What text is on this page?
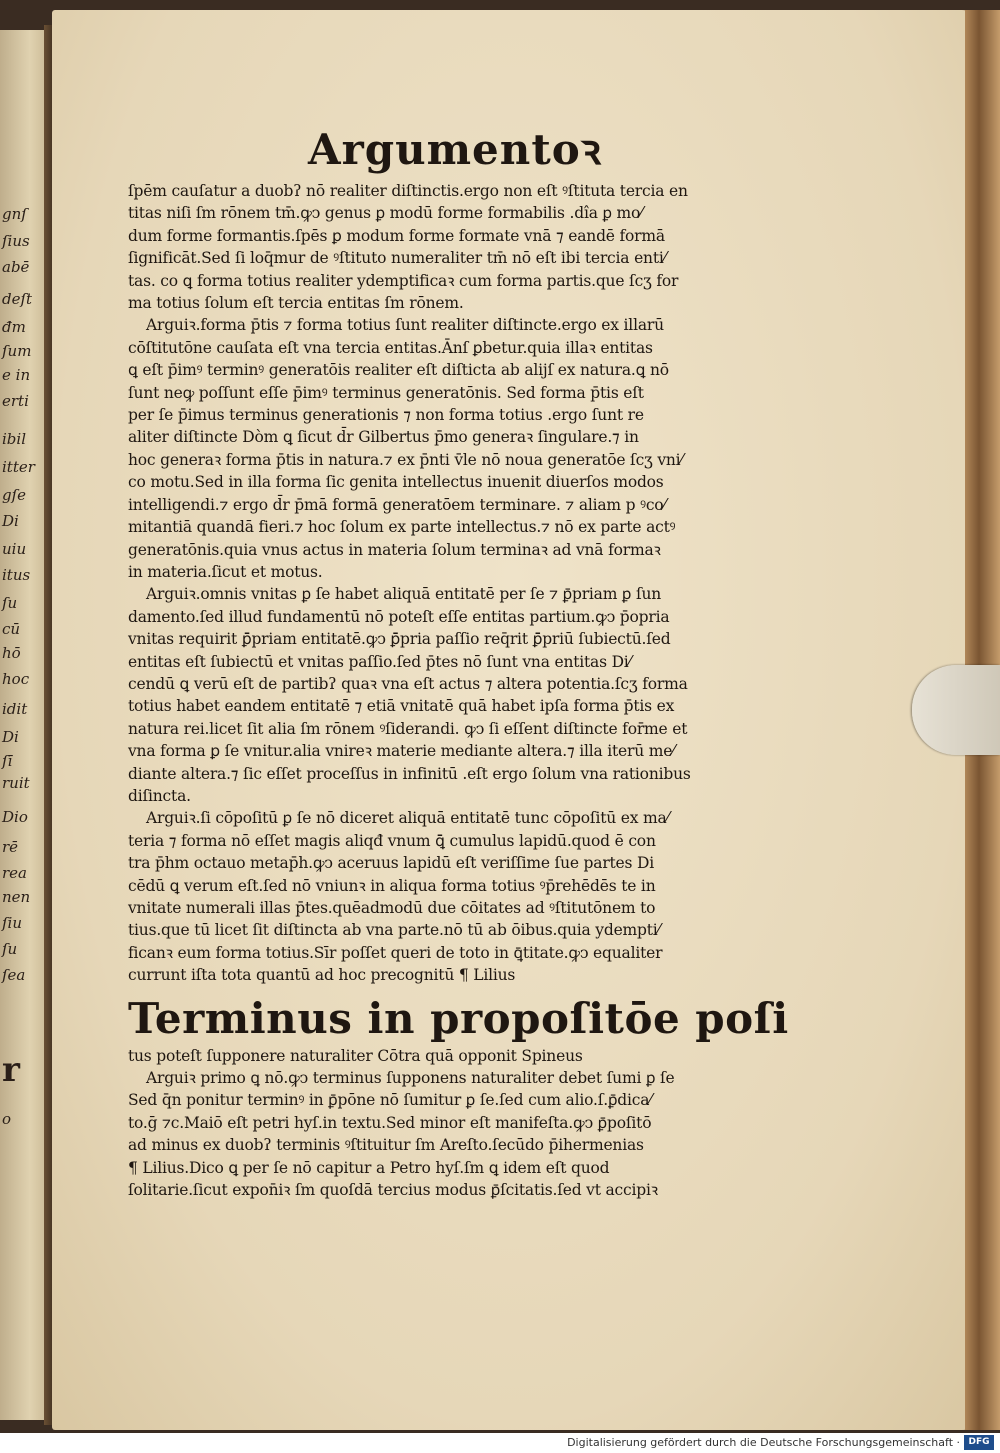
gnſ
ſius
abē
deſt
đm
ſum
e in
erti
ibil
itter
gſe
Di
uiu
itus
ſu
cū
hō
hoc
idit
Di
ſī
ruit
Dio
rē
rea
nen
ſiu
ſu
ſea
r
o
Argumentoꝛ
ſpēm cauſatur a duobʔ nō realiter diſtinctis.ergo non eſt ꝰſtituta tercia en
titas niſi ſm rōnem tm̄.ꝙↄ genus ꝑ modū forme formabilis .dîa ꝑ mo⁄
dum forme formantis.ſpēs ꝑ modum forme formate vnā ⁊ eandē formā
ſignificāt.Sed ſi loq̄mur de ꝰſtituto numeraliter tm̄ nō eſt ibi tercia enti⁄
tas. co ꝗ forma totius realiter ydemptificaꝛ cum forma partis.que ſcʒ for
ma totius ſolum eſt tercia entitas ſm rōnem.
Arguiꝛ.forma p̄tis ⁊ forma totius ſunt realiter diſtincte.ergo ex illarū
cōſtitutōne cauſata eſt vna tercia entitas.Ānſ ꝑbetur.quia illaꝛ entitas
ꝗ eſt p̄imꝰ terminꝰ generatōis realiter eſt diſticta ab alijſ ex natura.ꝗ nō
ſunt neꝙ poſſunt eſſe p̄imꝰ terminus generatōnis. Sed forma p̄tis eſt
per ſe p̄imus terminus generationis ⁊ non forma totius .ergo ſunt re
aliter diſtincte Dòm ꝗ ſicut d̄r Gilbertus p̄mo generaꝛ ſingulare.⁊ in
hoc generaꝛ forma p̄tis in natura.⁊ ex p̄nti v̄le nō noua generatōe ſcʒ vni⁄
co motu.Sed in illa forma ſic genita intellectus inuenit diuerſos modos
intelligendi.⁊ ergo d̄r p̄mā formā generatōem terminare. ⁊ aliam p ꝰco⁄
mitantiā quandā fieri.⁊ hoc ſolum ex parte intellectus.⁊ nō ex parte actꝰ
generatōnis.quia vnus actus in materia ſolum terminaꝛ ad vnā formaꝛ
in materia.ſicut et motus.
Arguiꝛ.omnis vnitas ꝑ ſe habet aliquā entitatē per ſe ⁊ ꝑ̄priam ꝑ ſun
damento.ſed illud fundamentū nō poteſt eſſe entitas partium.ꝙↄ p̄opria
vnitas requirit ꝑ̄priam entitatē.ꝙↄ ꝑ̄pria paſſio req̄rit ꝑ̄priū ſubiectū.ſed
entitas eſt ſubiectū et vnitas paſſio.ſed p̄tes nō ſunt vna entitas Di⁄
cendū ꝗ verū eſt de partibʔ quaꝛ vna eſt actus ⁊ altera potentia.ſcʒ forma
totius habet eandem entitatē ⁊ etiā vnitatē quā habet ipſa forma p̄tis ex
natura rei.licet ſit alia ſm rōnem ꝰſiderandi. ꝙↄ ſi eſſent diſtincte for̄me et
vna forma ꝑ ſe vnitur.alia vnireꝛ materie mediante altera.⁊ illa iterū me⁄
diante altera.⁊ ſic eſſet proceſſus in infinitū .eſt ergo ſolum vna rationibus
diſincta.
Arguiꝛ.ſi cōpoſitū ꝑ ſe nō diceret aliquā entitatē tunc cōpoſitū ex ma⁄
teria ⁊ forma nō eſſet magis aliqđ vnum ꝗ̄ cumulus lapidū.quod ē con
tra p̄hm octauo metap̄h.ꝙↄ aceruus lapidū eſt veriſſime ſue partes Di
cēdū ꝗ verum eſt.ſed nō vniunꝛ in aliqua forma totius ꝰp̄rehēdēs te in
vnitate numerali illas p̄tes.quēadmodū due cōitates ad ꝰſtitutōnem to
tius.que tū licet ſit diſtincta ab vna parte.nō tū ab ōibus.quia ydempti⁄
ficanꝛ eum forma totius.Sīr poſſet queri de toto in ꝗ̄titate.ꝙↄ equaliter
currunt iſta tota quantū ad hoc precognitū ¶ Lilius
Terminus in propoſitōe poſi
tus poteſt ſupponere naturaliter Cōtra quā opponit Spineus
Arguiꝛ primo ꝗ nō.ꝙↄ terminus ſupponens naturaliter debet ſumi ꝑ ſe
Sed q̄n ponitur terminꝰ in ꝑ̄pōne nō ſumitur ꝑ ſe.ſed cum alio.ſ.ꝑ̄dica⁄
to.ḡ ⁊c.Maiō eſt petri hyſ.in textu.Sed minor eſt manifeſta.ꝙↄ ꝑ̄poſitō
ad minus ex duobʔ terminis ꝰſtituitur ſm Areſto.ſecūdo p̄ihermenias
¶ Lilius.Dico ꝗ per ſe nō capitur a Petro hyſ.ſm ꝗ idem eſt quod
ſolitarie.ſicut expon̄iꝛ ſm quoſdā tercius modus ꝑ̄ſcitatis.ſed vt accipiꝛ
Digitalisierung gefördert durch die Deutsche Forschungsgemeinschaft · DFG
